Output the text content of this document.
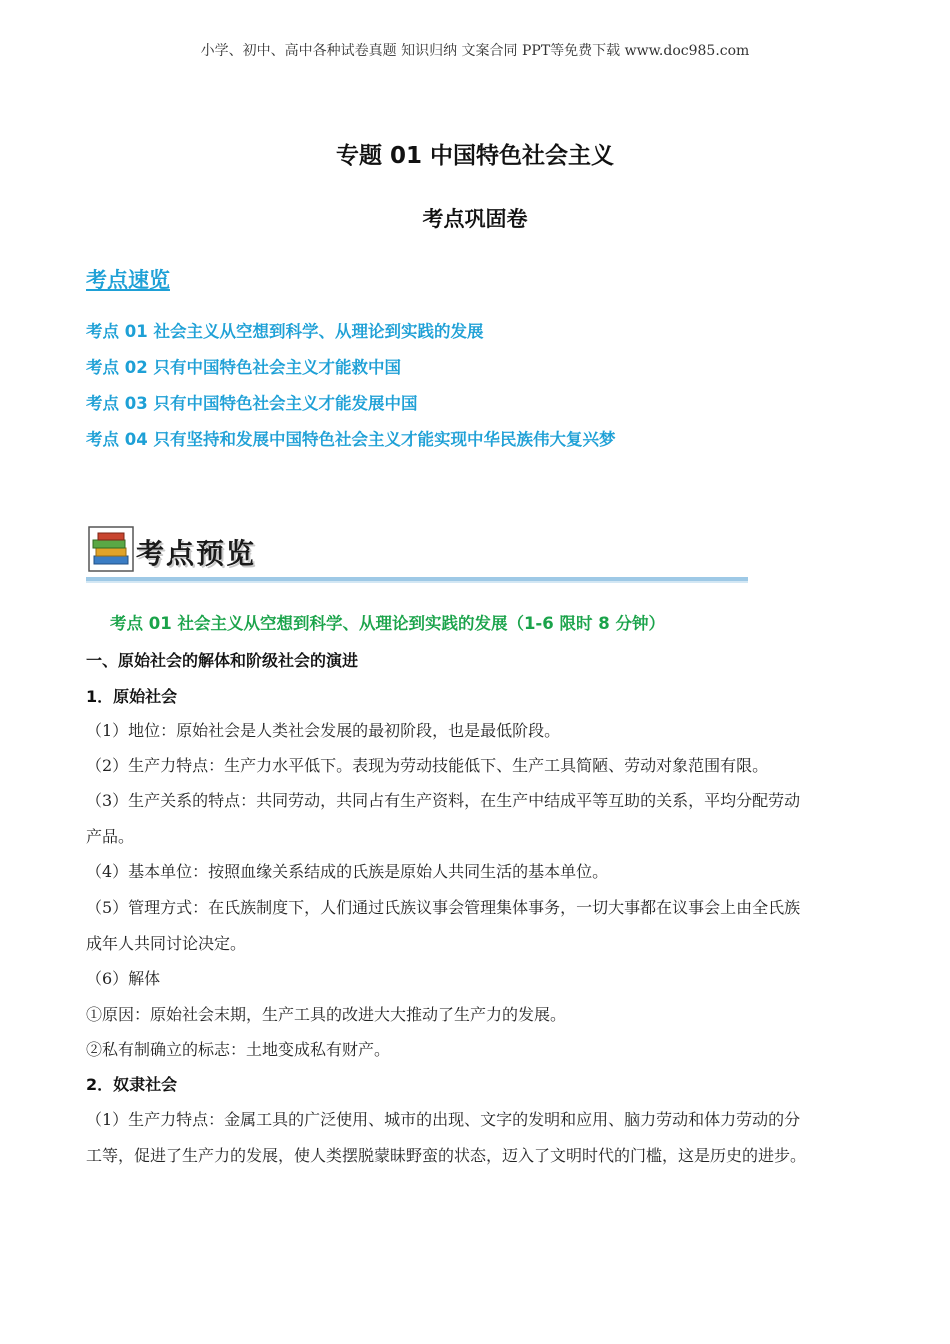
小学、初中、高中各种试卷真题 知识归纳 文案合同 PPT等免费下载 www.doc985.com
专题 01 中国特色社会主义
考点巩固卷
考点速览
考点 01 社会主义从空想到科学、从理论到实践的发展
考点 02 只有中国特色社会主义才能救中国
考点 03 只有中国特色社会主义才能发展中国
考点 04 只有坚持和发展中国特色社会主义才能实现中华民族伟大复兴梦
考点预览
考点 01 社会主义从空想到科学、从理论到实践的发展（1-6 限时 8 分钟）
一、原始社会的解体和阶级社会的演进
1．原始社会
（1）地位：原始社会是人类社会发展的最初阶段，也是最低阶段。
（2）生产力特点：生产力水平低下。表现为劳动技能低下、生产工具简陋、劳动对象范围有限。
（3）生产关系的特点：共同劳动，共同占有生产资料，在生产中结成平等互助的关系，平均分配劳动
产品。
（4）基本单位：按照血缘关系结成的氏族是原始人共同生活的基本单位。
（5）管理方式：在氏族制度下，人们通过氏族议事会管理集体事务，一切大事都在议事会上由全氏族
成年人共同讨论决定。
（6）解体
①原因：原始社会末期，生产工具的改进大大推动了生产力的发展。
②私有制确立的标志：土地变成私有财产。
2．奴隶社会
（1）生产力特点：金属工具的广泛使用、城市的出现、文字的发明和应用、脑力劳动和体力劳动的分
工等，促进了生产力的发展，使人类摆脱蒙昧野蛮的状态，迈入了文明时代的门槛，这是历史的进步。
